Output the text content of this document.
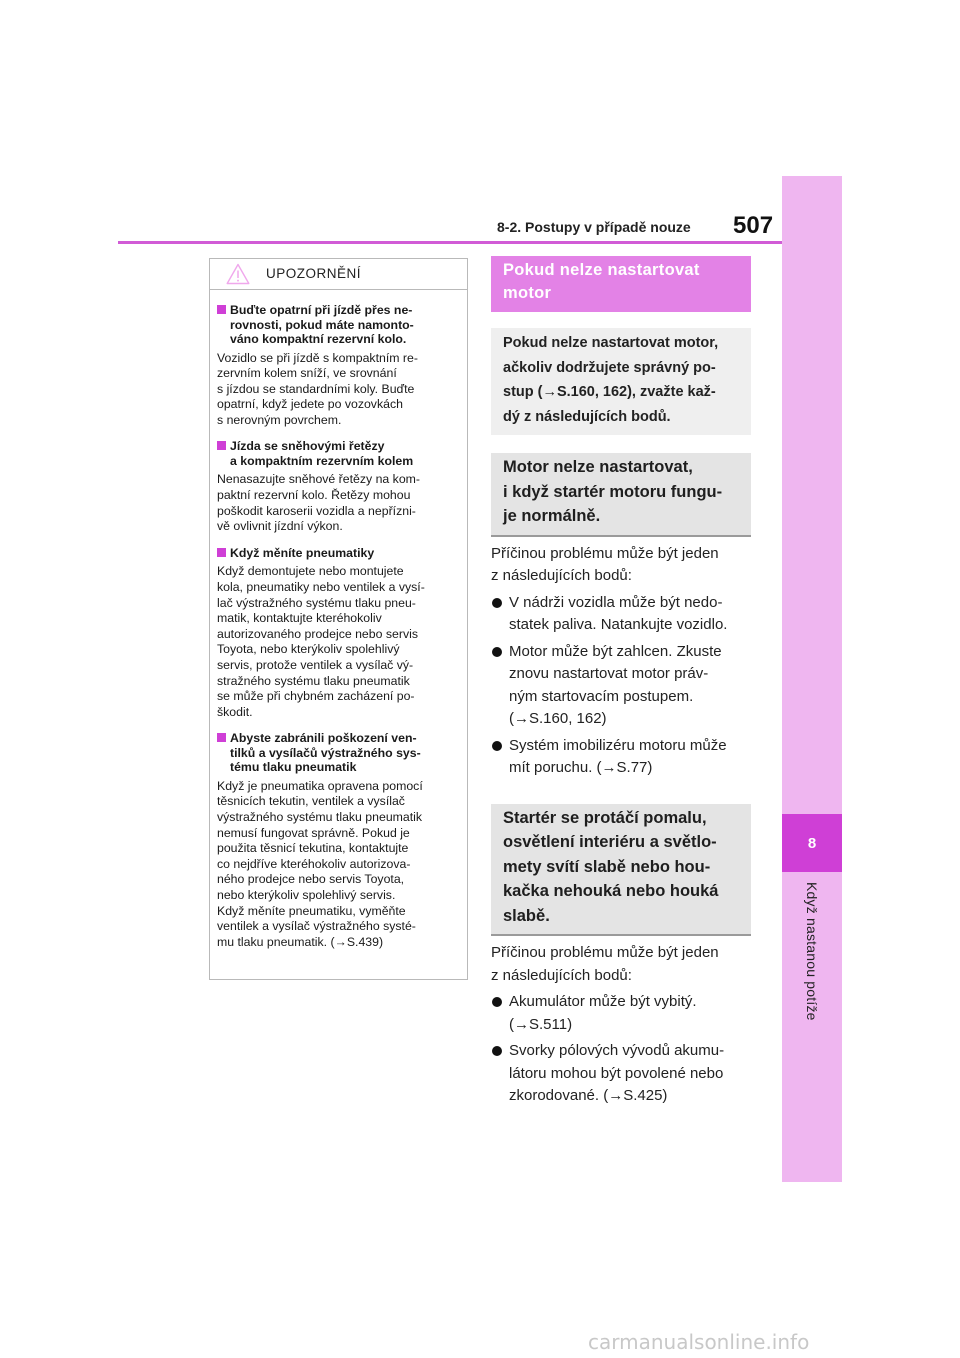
8
Když nastanou potíže
8-2. Postupy v případě nouze 507
UPOZORNĚNÍ
Buďte opatrní při jízdě přes ne-
rovnosti, pokud máte namonto-
váno kompaktní rezervní kolo.
Vozidlo se při jízdě s kompaktním re-
zervním kolem sníží, ve srovnání
s jízdou se standardními koly. Buďte
opatrní, když jedete po vozovkách
s nerovným povrchem.
Jízda se sněhovými řetězy
a kompaktním rezervním kolem
Nenasazujte sněhové řetězy na kom-
paktní rezervní kolo. Řetězy mohou
poškodit karoserii vozidla a nepřízni-
vě ovlivnit jízdní výkon.
Když měníte pneumatiky
Když demontujete nebo montujete
kola, pneumatiky nebo ventilek a vysí-
lač výstražného systému tlaku pneu-
matik, kontaktujte kteréhokoliv
autorizovaného prodejce nebo servis
Toyota, nebo kterýkoliv spolehlivý
servis, protože ventilek a vysílač vý-
stražného systému tlaku pneumatik
se může při chybném zacházení po-
škodit.
Abyste zabránili poškození ven-
tilků a vysílačů výstražného sys-
tému tlaku pneumatik
Když je pneumatika opravena pomocí
těsnicích tekutin, ventilek a vysílač
výstražného systému tlaku pneumatik
nemusí fungovat správně. Pokud je
použita těsnicí tekutina, kontaktujte
co nejdříve kteréhokoliv autorizova-
ného prodejce nebo servis Toyota,
nebo kterýkoliv spolehlivý servis.
Když měníte pneumatiku, vyměňte
ventilek a vysílač výstražného systé-
mu tlaku pneumatik. (→S.439)
Pokud nelze nastartovat
motor
Pokud nelze nastartovat motor,
ačkoliv dodržujete správný po-
stup (→S.160, 162), zvažte kaž-
dý z následujících bodů.
Motor nelze nastartovat,
i když startér motoru fungu-
je normálně.

Příčinou problému může být jeden
z následujících bodů:

V nádrži vozidla může být nedo-
statek paliva. Natankujte vozidlo.
Motor může být zahlcen. Zkuste
znovu nastartovat motor práv-
ným startovacím postupem.
(→S.160, 162)
Systém imobilizéru motoru může
mít poruchu. (→S.77)
Startér se protáčí pomalu,
osvětlení interiéru a světlo-
mety svítí slabě nebo hou-
kačka nehouká nebo houká
slabě.

Příčinou problému může být jeden
z následujících bodů:

Akumulátor může být vybitý.
(→S.511)
Svorky pólových vývodů akumu-
látoru mohou být povolené nebo
zkorodované. (→S.425)
carmanualsonline.info
